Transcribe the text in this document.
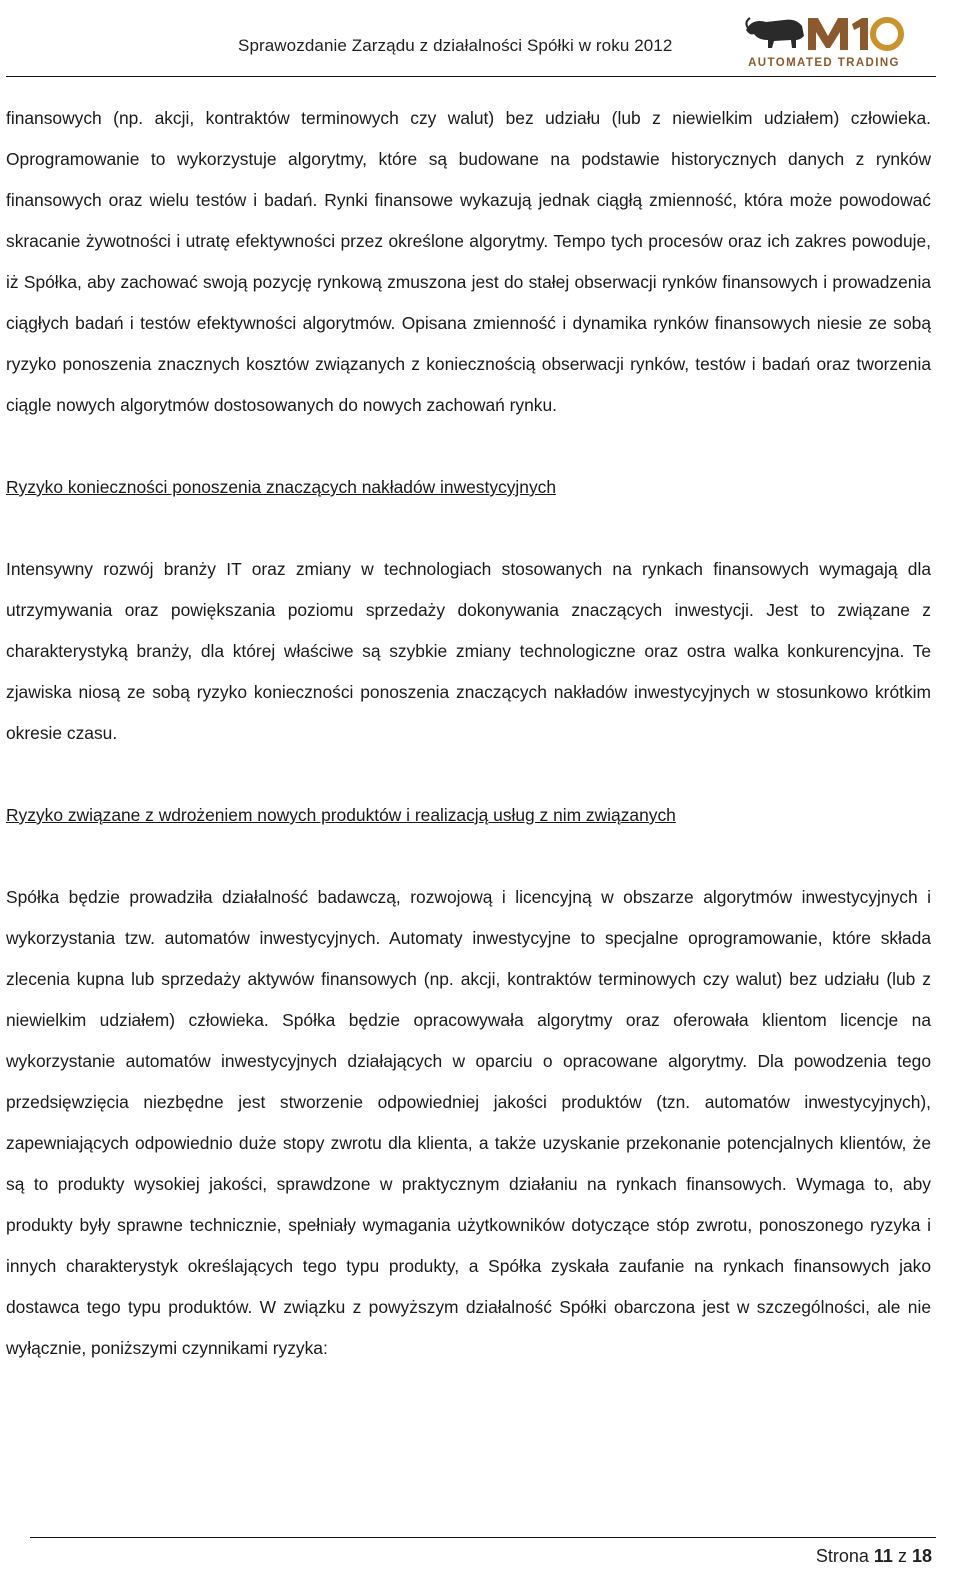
Sprawozdanie Zarządu z działalności Spółki w roku 2012
AUTOMATED TRADING

finansowych (np. akcji, kontraktów terminowych czy walut) bez udziału (lub z niewielkim udziałem) człowieka. Oprogramowanie to wykorzystuje algorytmy, które są budowane na podstawie historycznych danych z rynków finansowych oraz wielu testów i badań. Rynki finansowe wykazują jednak ciągłą zmienność, która może powodować skracanie żywotności i utratę efektywności przez określone algorytmy. Tempo tych procesów oraz ich zakres powoduje, iż Spółka, aby zachować swoją pozycję rynkową zmuszona jest do stałej obserwacji rynków finansowych i prowadzenia ciągłych badań i testów efektywności algorytmów. Opisana zmienność i dynamika rynków finansowych niesie ze sobą ryzyko ponoszenia znacznych kosztów związanych z koniecznością obserwacji rynków, testów i badań oraz tworzenia ciągle nowych algorytmów dostosowanych do nowych zachowań rynku.

Ryzyko konieczności ponoszenia znaczących nakładów inwestycyjnych

Intensywny rozwój branży IT oraz zmiany w technologiach stosowanych na rynkach finansowych wymagają dla utrzymywania oraz powiększania poziomu sprzedaży dokonywania znaczących inwestycji. Jest to związane z charakterystyką branży, dla której właściwe są szybkie zmiany technologiczne oraz ostra walka konkurencyjna. Te zjawiska niosą ze sobą ryzyko konieczności ponoszenia znaczących nakładów inwestycyjnych w stosunkowo krótkim okresie czasu.

Ryzyko związane z wdrożeniem nowych produktów i realizacją usług z nim związanych

Spółka będzie prowadziła działalność badawczą, rozwojową i licencyjną w obszarze algorytmów inwestycyjnych i wykorzystania tzw. automatów inwestycyjnych. Automaty inwestycyjne to specjalne oprogramowanie, które składa zlecenia kupna lub sprzedaży aktywów finansowych (np. akcji, kontraktów terminowych czy walut) bez udziału (lub z niewielkim udziałem) człowieka. Spółka będzie opracowywała algorytmy oraz oferowała klientom licencje na wykorzystanie automatów inwestycyjnych działających w oparciu o opracowane algorytmy. Dla powodzenia tego przedsięwzięcia niezbędne jest stworzenie odpowiedniej jakości produktów (tzn. automatów inwestycyjnych), zapewniających odpowiednio duże stopy zwrotu dla klienta, a także uzyskanie przekonanie potencjalnych klientów, że są to produkty wysokiej jakości, sprawdzone w praktycznym działaniu na rynkach finansowych. Wymaga to, aby produkty były sprawne technicznie, spełniały wymagania użytkowników dotyczące stóp zwrotu, ponoszonego ryzyka i innych charakterystyk określających tego typu produkty, a Spółka zyskała zaufanie na rynkach finansowych jako dostawca tego typu produktów. W związku z powyższym działalność Spółki obarczona jest w szczególności, ale nie wyłącznie, poniższymi czynnikami ryzyka:

Strona 11 z 18
